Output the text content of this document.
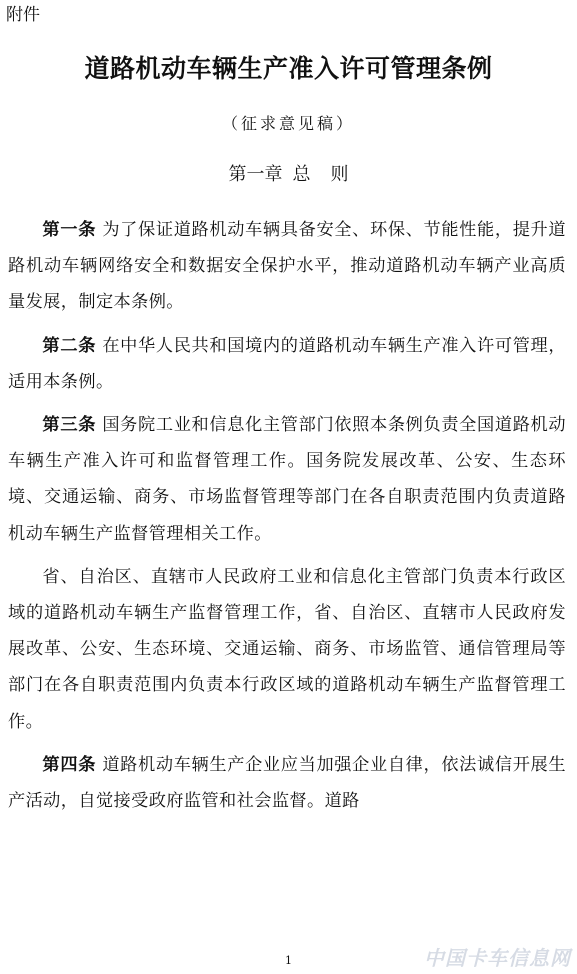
附件
道路机动车辆生产准入许可管理条例
（征求意见稿）
第一章 总 则

第一条 为了保证道路机动车辆具备安全、环保、节能性能，提升道路机动车辆网络安全和数据安全保护水平，推动道路机动车辆产业高质量发展，制定本条例。

第二条 在中华人民共和国境内的道路机动车辆生产准入许可管理，适用本条例。

第三条 国务院工业和信息化主管部门依照本条例负责全国道路机动车辆生产准入许可和监督管理工作。国务院发展改革、公安、生态环境、交通运输、商务、市场监督管理等部门在各自职责范围内负责道路机动车辆生产监督管理相关工作。

省、自治区、直辖市人民政府工业和信息化主管部门负责本行政区域的道路机动车辆生产监督管理工作，省、自治区、直辖市人民政府发展改革、公安、生态环境、交通运输、商务、市场监管、通信管理局等部门在各自职责范围内负责本行政区域的道路机动车辆生产监督管理工作。

第四条 道路机动车辆生产企业应当加强企业自律，依法诚信开展生产活动，自觉接受政府监管和社会监督。道路

1	中国卡车信息网
